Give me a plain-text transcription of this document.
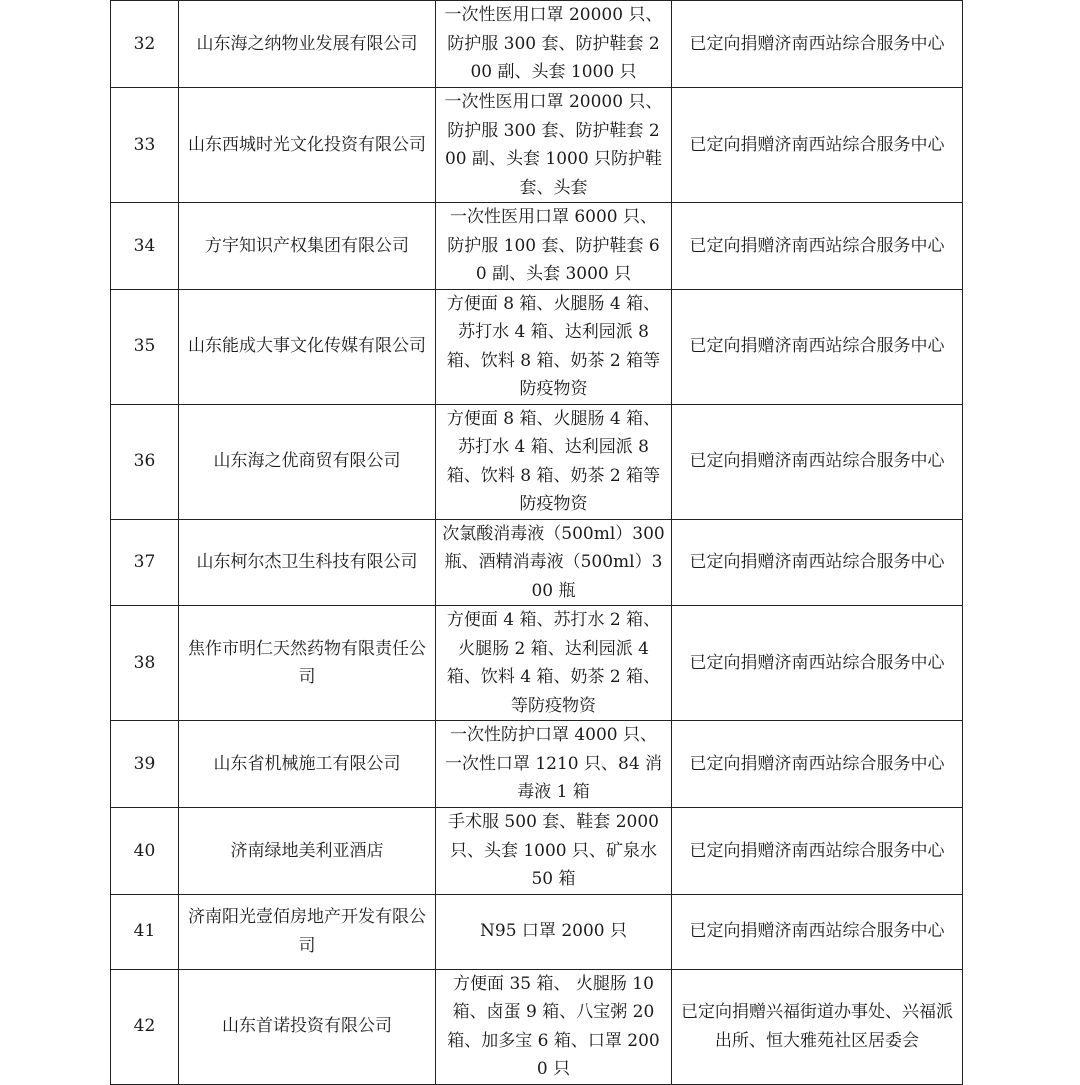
32	山东海之纳物业发展有限公司	一次性医用口罩 20000 只、防护服 300 套、防护鞋套 200 副、头套 1000 只	已定向捐赠济南西站综合服务中心
33	山东西城时光文化投资有限公司	一次性医用口罩 20000 只、防护服 300 套、防护鞋套 200 副、头套 1000 只防护鞋套、头套	已定向捐赠济南西站综合服务中心
34	方宇知识产权集团有限公司	一次性医用口罩 6000 只、防护服 100 套、防护鞋套 60 副、头套 3000 只	已定向捐赠济南西站综合服务中心
35	山东能成大事文化传媒有限公司	方便面 8 箱、火腿肠 4 箱、苏打水 4 箱、达利园派 8 箱、饮料 8 箱、奶茶 2 箱等防疫物资	已定向捐赠济南西站综合服务中心
36	山东海之优商贸有限公司	方便面 8 箱、火腿肠 4 箱、苏打水 4 箱、达利园派 8 箱、饮料 8 箱、奶茶 2 箱等防疫物资	已定向捐赠济南西站综合服务中心
37	山东柯尔杰卫生科技有限公司	次氯酸消毒液（500ml）300 瓶、酒精消毒液（500ml）300 瓶	已定向捐赠济南西站综合服务中心
38	焦作市明仁天然药物有限责任公司	方便面 4 箱、苏打水 2 箱、火腿肠 2 箱、达利园派 4 箱、饮料 4 箱、奶茶 2 箱、等防疫物资	已定向捐赠济南西站综合服务中心
39	山东省机械施工有限公司	一次性防护口罩 4000 只、一次性口罩 1210 只、84 消毒液 1 箱	已定向捐赠济南西站综合服务中心
40	济南绿地美利亚酒店	手术服 500 套、鞋套 2000 只、头套 1000 只、矿泉水 50 箱	已定向捐赠济南西站综合服务中心
41	济南阳光壹佰房地产开发有限公司	N95 口罩 2000 只	已定向捐赠济南西站综合服务中心
42	山东首诺投资有限公司	方便面 35 箱、 火腿肠 10 箱、卤蛋 9 箱、八宝粥 20 箱、加多宝 6 箱、口罩 2000 只	已定向捐赠兴福街道办事处、兴福派出所、恒大雅苑社区居委会
